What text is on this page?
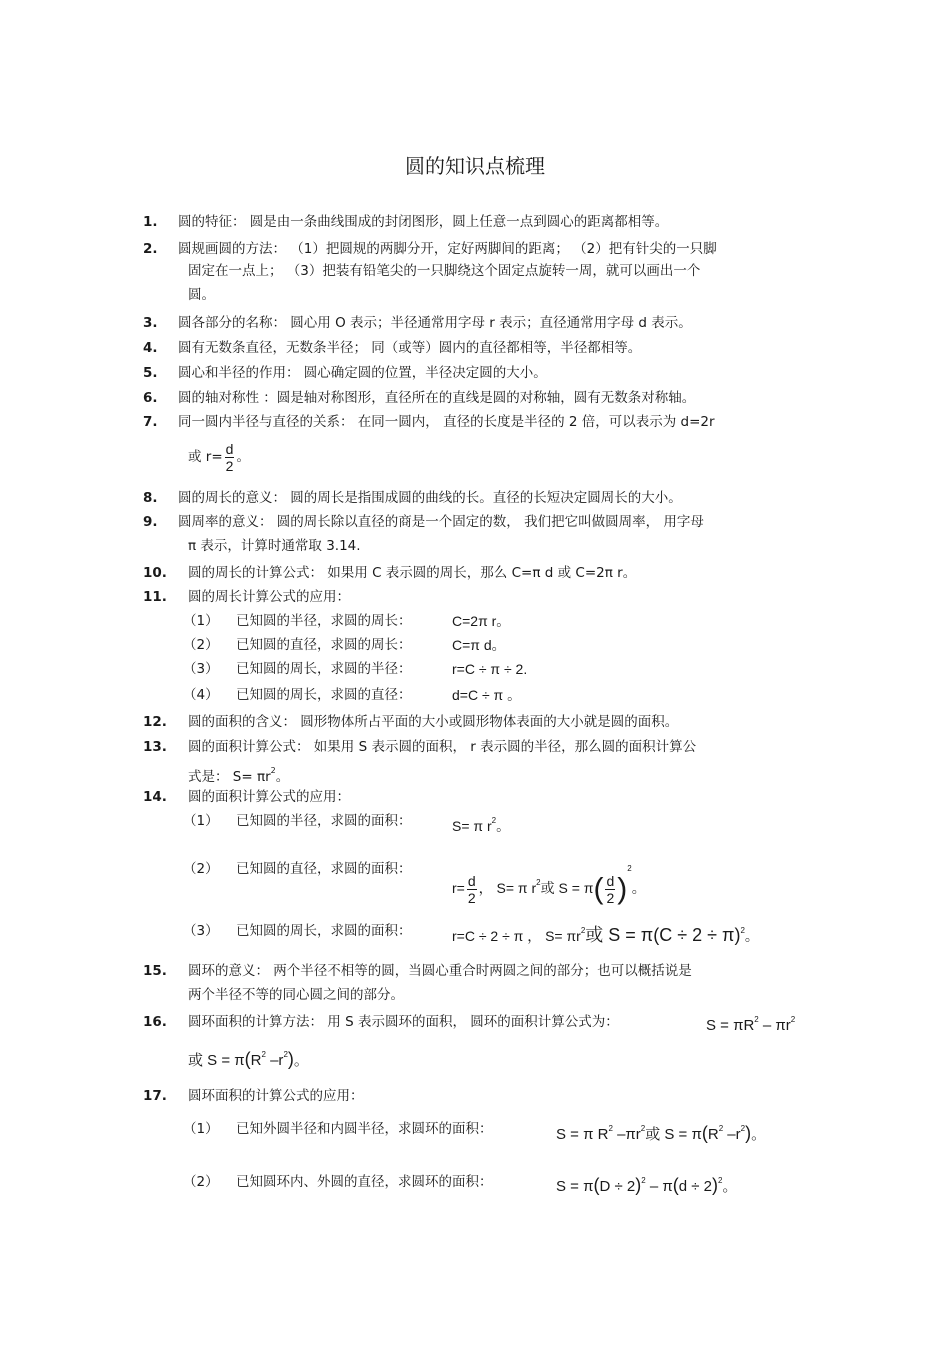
圆的知识点梳理
1. 圆的特征： 圆是由一条曲线围成的封闭图形，圆上任意一点到圆心的距离都相等。
2. 圆规画圆的方法： （1）把圆规的两脚分开，定好两脚间的距离； （2）把有针尖的一只脚
固定在一点上； （3）把装有铅笔尖的一只脚绕这个固定点旋转一周，就可以画出一个
圆。
3. 圆各部分的名称： 圆心用 O 表示；半径通常用字母 r 表示；直径通常用字母 d 表示。
4. 圆有无数条直径，无数条半径； 同（或等）圆内的直径都相等，半径都相等。
5. 圆心和半径的作用： 圆心确定圆的位置，半径决定圆的大小。
6. 圆的轴对称性 ：圆是轴对称图形，直径所在的直线是圆的对称轴，圆有无数条对称轴。
7. 同一圆内半径与直径的关系： 在同一圆内， 直径的长度是半径的 2 倍，可以表示为 d=2r
或 $r= \frac{d}{2}$ 。
8. 圆的周长的意义： 圆的周长是指围成圆的曲线的长。直径的长短决定圆周长的大小。
9. 圆周率的意义： 圆的周长除以直径的商是一个固定的数， 我们把它叫做圆周率， 用字母
π 表示，计算时通常取 3.14.
10. 圆的周长的计算公式： 如果用 C 表示圆的周长，那么 C=π d 或 C=2π r。
11. 圆的周长计算公式的应用：
（1） 已知圆的半径，求圆的周长：	C=2π r。
（2） 已知圆的直径，求圆的周长：	C=π d。
（3） 已知圆的周长，求圆的半径：	r=C ÷ π ÷ 2.
（4） 已知圆的周长，求圆的直径：	d=C ÷ π 。
12. 圆的面积的含义： 圆形物体所占平面的大小或圆形物体表面的大小就是圆的面积。
13. 圆的面积计算公式： 如果用 S 表示圆的面积， r 表示圆的半径，那么圆的面积计算公
式是： $S= \pi r^2$。
14. 圆的面积计算公式的应用：
（1） 已知圆的半径，求圆的面积：	S= π $r^2$。
（2） 已知圆的直径，求圆的面积：
$r= \frac{d}{2}$ ， S= π $r^2$或 $S = \pi( \frac{d}{2} )^2$。
（3） 已知圆的周长，求圆的面积：	r=C ÷ 2 ÷ π ， $S= \pi r^2$或 $S = \pi(C \div 2 \div \pi)^2$。
15. 圆环的意义： 两个半径不相等的圆，当圆心重合时两圆之间的部分；也可以概括说是
两个半径不等的同心圆之间的部分。
16. 圆环面积的计算方法： 用 S 表示圆环的面积， 圆环的面积计算公式为：	$S = \pi R^2 - \pi r^2$
或 $S = \pi(R^2$ $-r^2$)。
17. 圆环面积的计算公式的应用：
（1） 已知外圆半径和内圆半径，求圆环的面积：	S = π $R^2$ $-\pi r^2$或 $S = \pi(R^2$ $-r^2$)。
（2） 已知圆环内、外圆的直径，求圆环的面积：	$S = \pi(D \div 2)^2 - \pi(d \div 2)^2$。
